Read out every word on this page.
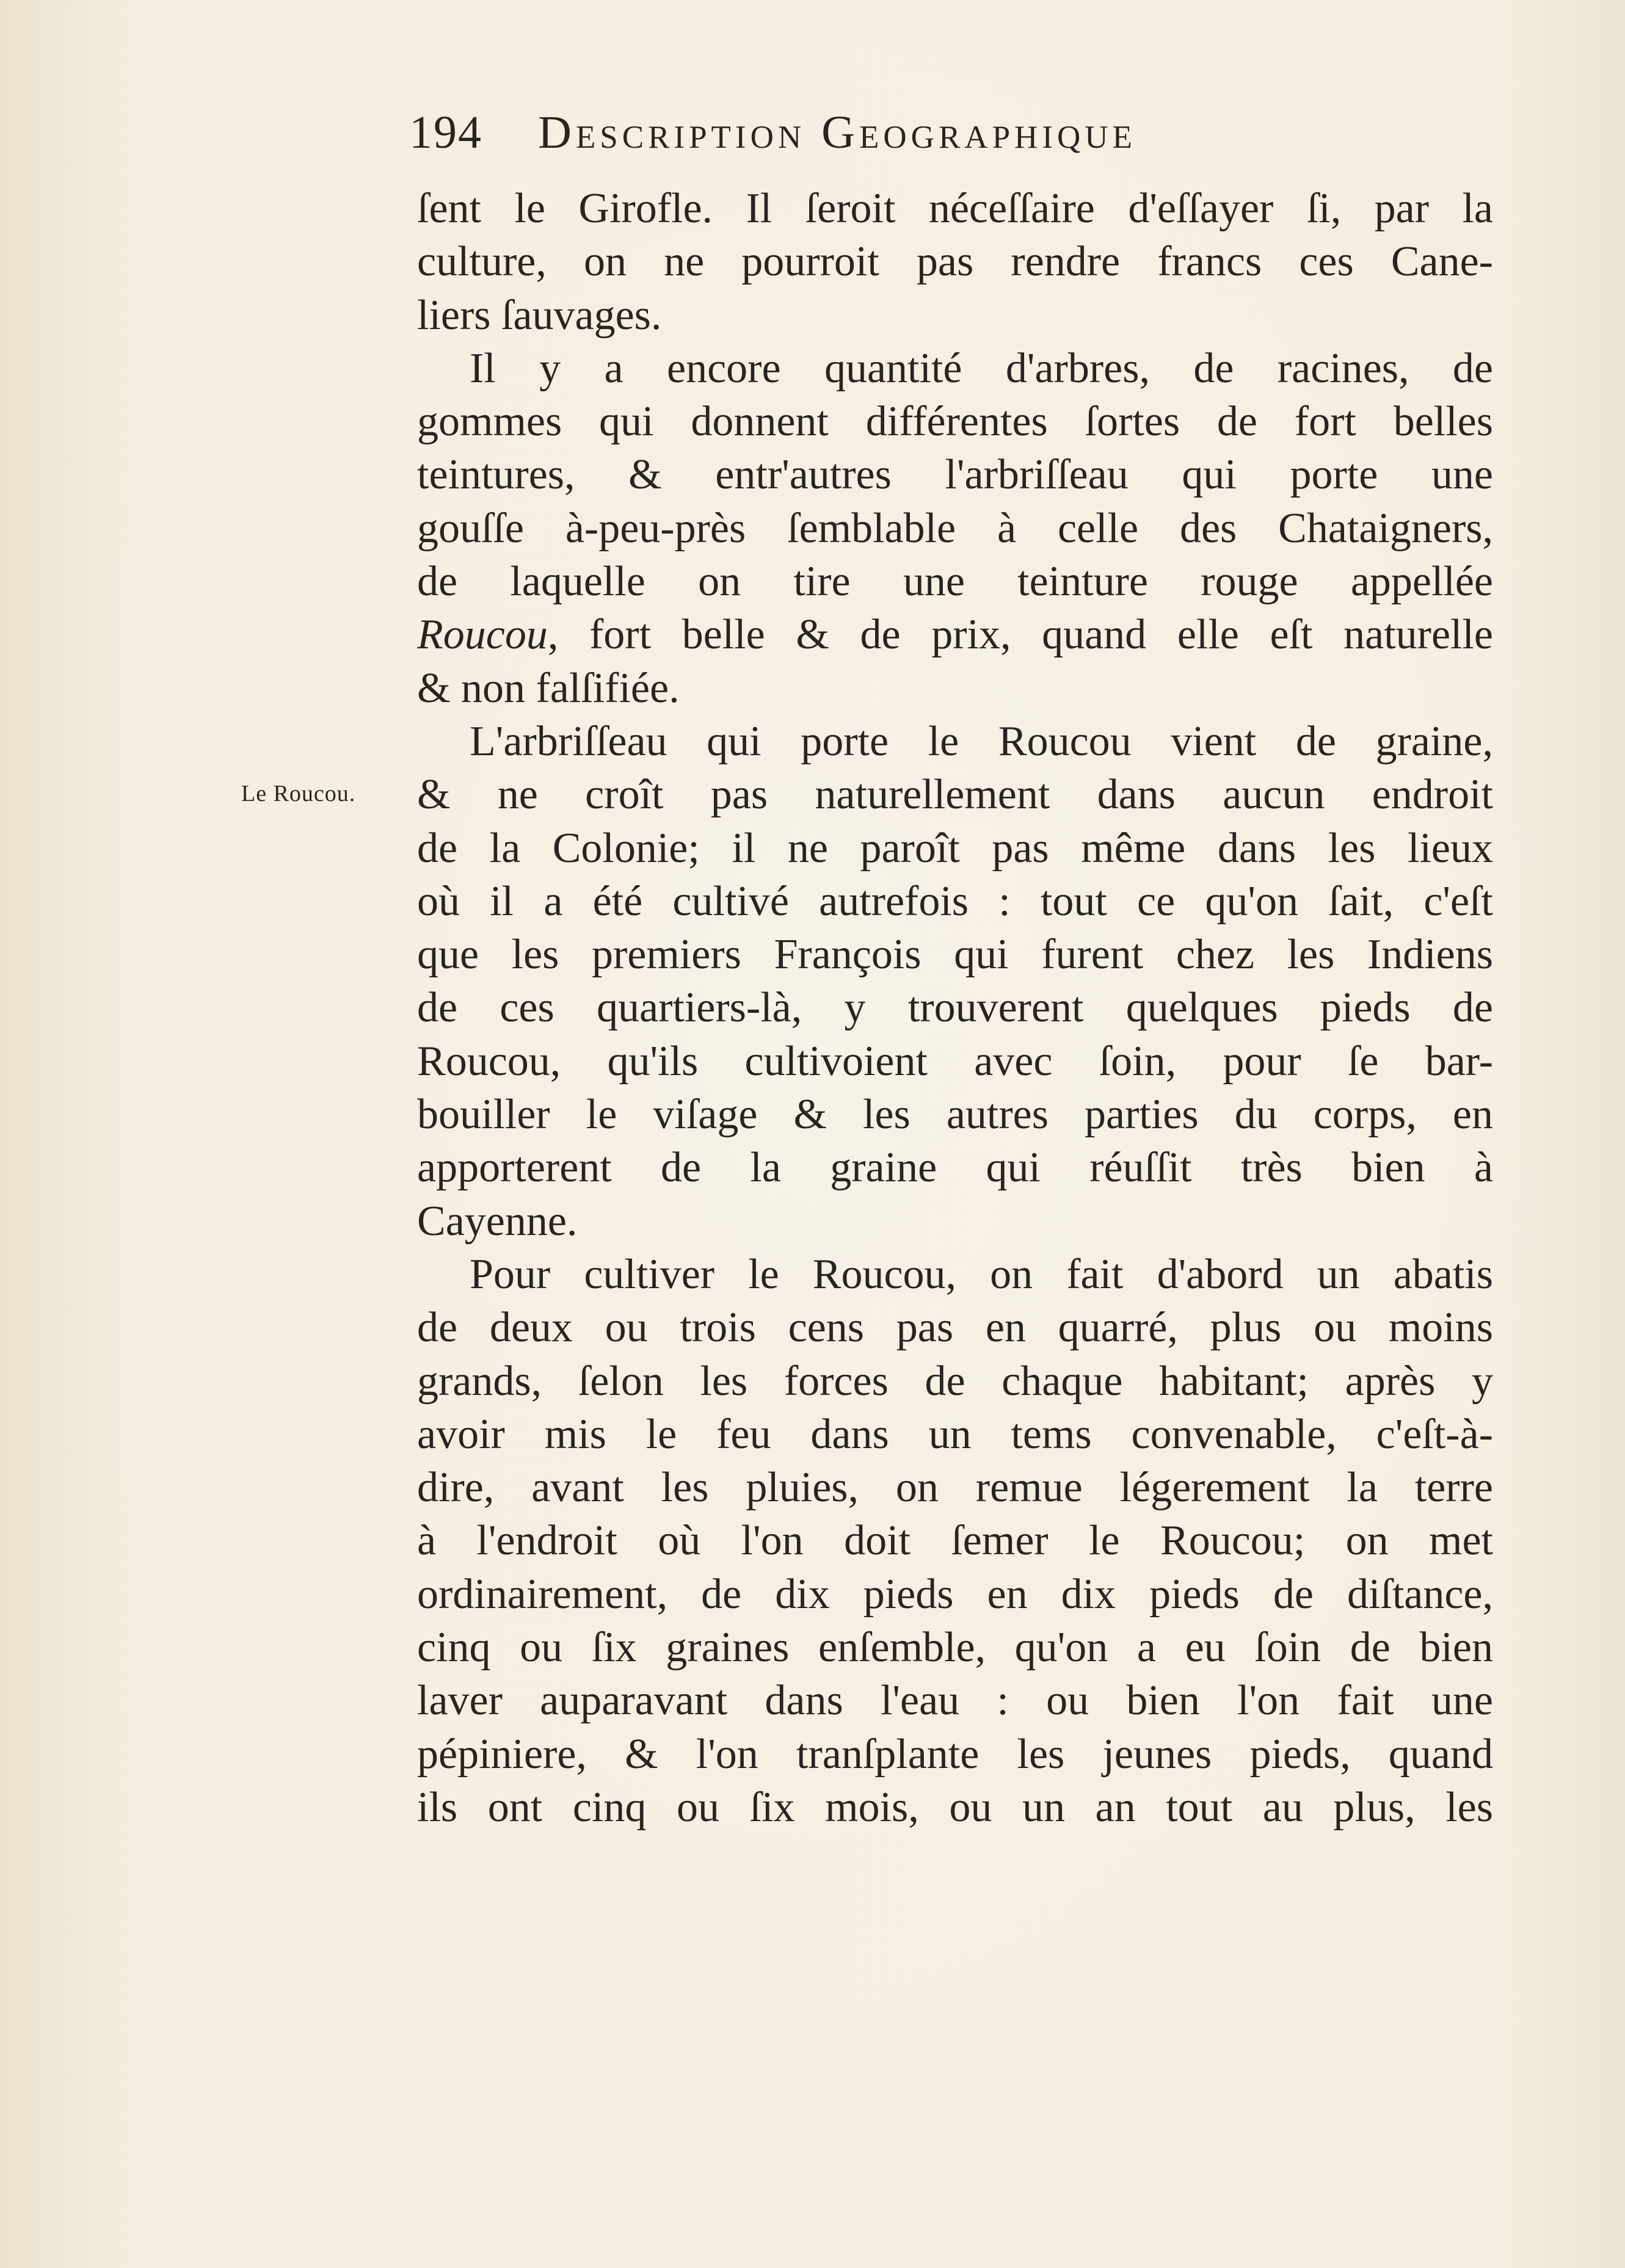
194 Description Geographique
Le Roucou.
ſent le Girofle. Il ſeroit néceſſaire d'eſſayer ſi, par la
culture, on ne pourroit pas rendre francs ces Cane-
liers ſauvages.
Il y a encore quantité d'arbres, de racines, de
gommes qui donnent différentes ſortes de fort belles
teintures, & entr'autres l'arbriſſeau qui porte une
gouſſe à-peu-près ſemblable à celle des Chataigners,
de laquelle on tire une teinture rouge appellée
Roucou, fort belle & de prix, quand elle eſt naturelle
& non falſifiée.
L'arbriſſeau qui porte le Roucou vient de graine,
& ne croît pas naturellement dans aucun endroit
de la Colonie; il ne paroît pas même dans les lieux
où il a été cultivé autrefois : tout ce qu'on ſait, c'eſt
que les premiers François qui furent chez les Indiens
de ces quartiers-là, y trouverent quelques pieds de
Roucou, qu'ils cultivoient avec ſoin, pour ſe bar-
bouiller le viſage & les autres parties du corps, en
apporterent de la graine qui réuſſit très bien à
Cayenne.
Pour cultiver le Roucou, on fait d'abord un abatis
de deux ou trois cens pas en quarré, plus ou moins
grands, ſelon les forces de chaque habitant; après y
avoir mis le feu dans un tems convenable, c'eſt-à-
dire, avant les pluies, on remue légerement la terre
à l'endroit où l'on doit ſemer le Roucou; on met
ordinairement, de dix pieds en dix pieds de diſtance,
cinq ou ſix graines enſemble, qu'on a eu ſoin de bien
laver auparavant dans l'eau : ou bien l'on fait une
pépiniere, & l'on tranſplante les jeunes pieds, quand
ils ont cinq ou ſix mois, ou un an tout au plus, les
